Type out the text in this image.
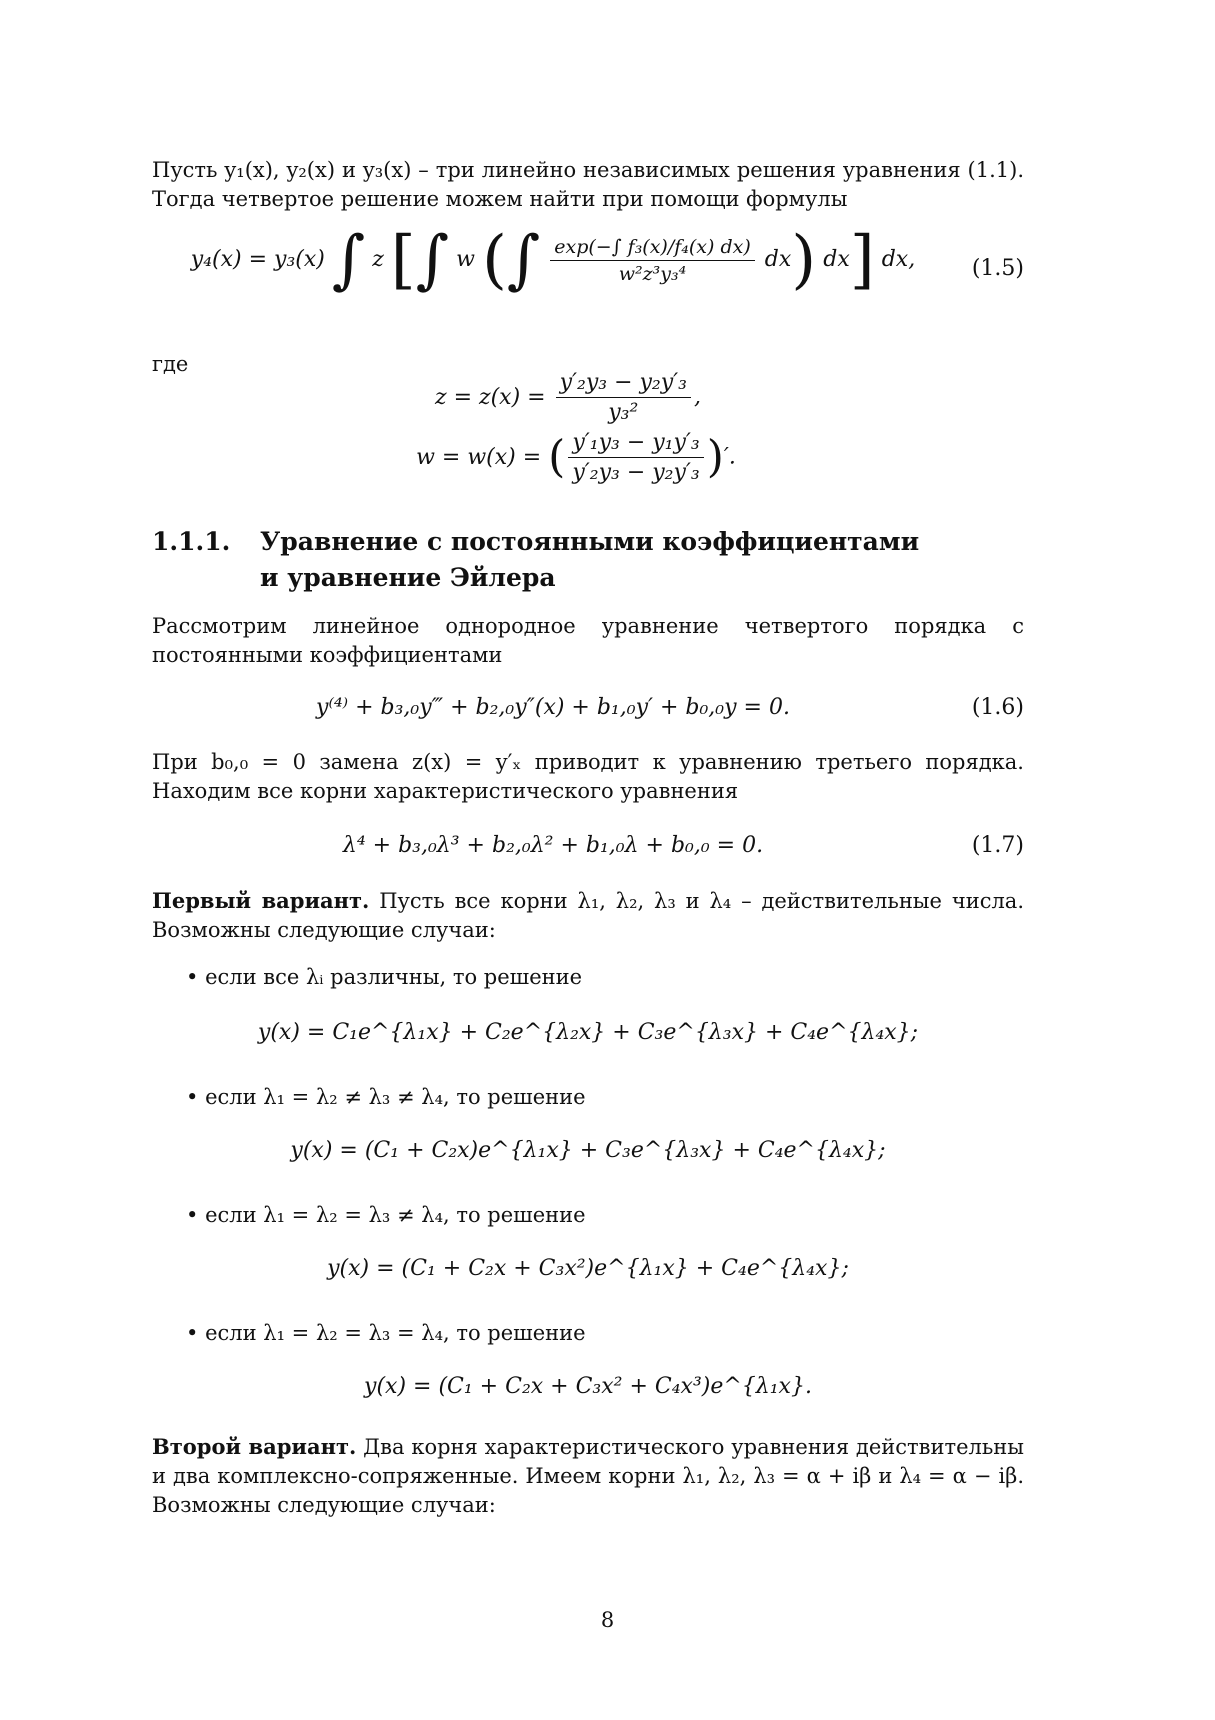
Пусть y₁(x), y₂(x) и y₃(x) – три линейно независимых решения уравнения (1.1). Тогда четвертое решение можем найти при помощи формулы
y₄(x) = y₃(x) ∫ z [∫ w (∫ $\frac{\text{exp(−∫ f₃(x)/f₄(x) dx)}}{\text{w²z³y₃⁴}} dx$) dx] dx,	(1.5)
где
$z = z(x) = \frac{\text{y′₂y₃ − y₂y′₃}}{\text{y₃²}}$ ,
w = w(x) = ( $\frac{\text{y′₁y₃ − y₁y′₃}}{\text{y′₂y₃ − y₂y′₃}}$ )′.
1.1.1. Уравнение с постоянными коэффициентами
и уравнение Эйлера
Рассмотрим линейное однородное уравнение четвертого порядка с постоянными коэффициентами
y⁽⁴⁾ + b₃,₀y‴ + b₂,₀y″(x) + b₁,₀y′ + b₀,₀y = 0.	(1.6)
При b₀,₀ = 0 замена z(x) = y′ₓ приводит к уравнению третьего порядка. Находим все корни характеристического уравнения
λ⁴ + b₃,₀λ³ + b₂,₀λ² + b₁,₀λ + b₀,₀ = 0.	(1.7)
Первый вариант. Пусть все корни λ₁, λ₂, λ₃ и λ₄ – действительные числа. Возможны следующие случаи:
• если все λᵢ различны, то решение
y(x) = C₁e^{λ₁x} + C₂e^{λ₂x} + C₃e^{λ₃x} + C₄e^{λ₄x};
• если λ₁ = λ₂ ≠ λ₃ ≠ λ₄, то решение
y(x) = (C₁ + C₂x)e^{λ₁x} + C₃e^{λ₃x} + C₄e^{λ₄x};
• если λ₁ = λ₂ = λ₃ ≠ λ₄, то решение
y(x) = (C₁ + C₂x + C₃x²)e^{λ₁x} + C₄e^{λ₄x};
• если λ₁ = λ₂ = λ₃ = λ₄, то решение
y(x) = (C₁ + C₂x + C₃x² + C₄x³)e^{λ₁x}.
Второй вариант. Два корня характеристического уравнения действительны и два комплексно-сопряженные. Имеем корни λ₁, λ₂, λ₃ = α + iβ и λ₄ = α − iβ. Возможны следующие случаи:
8
